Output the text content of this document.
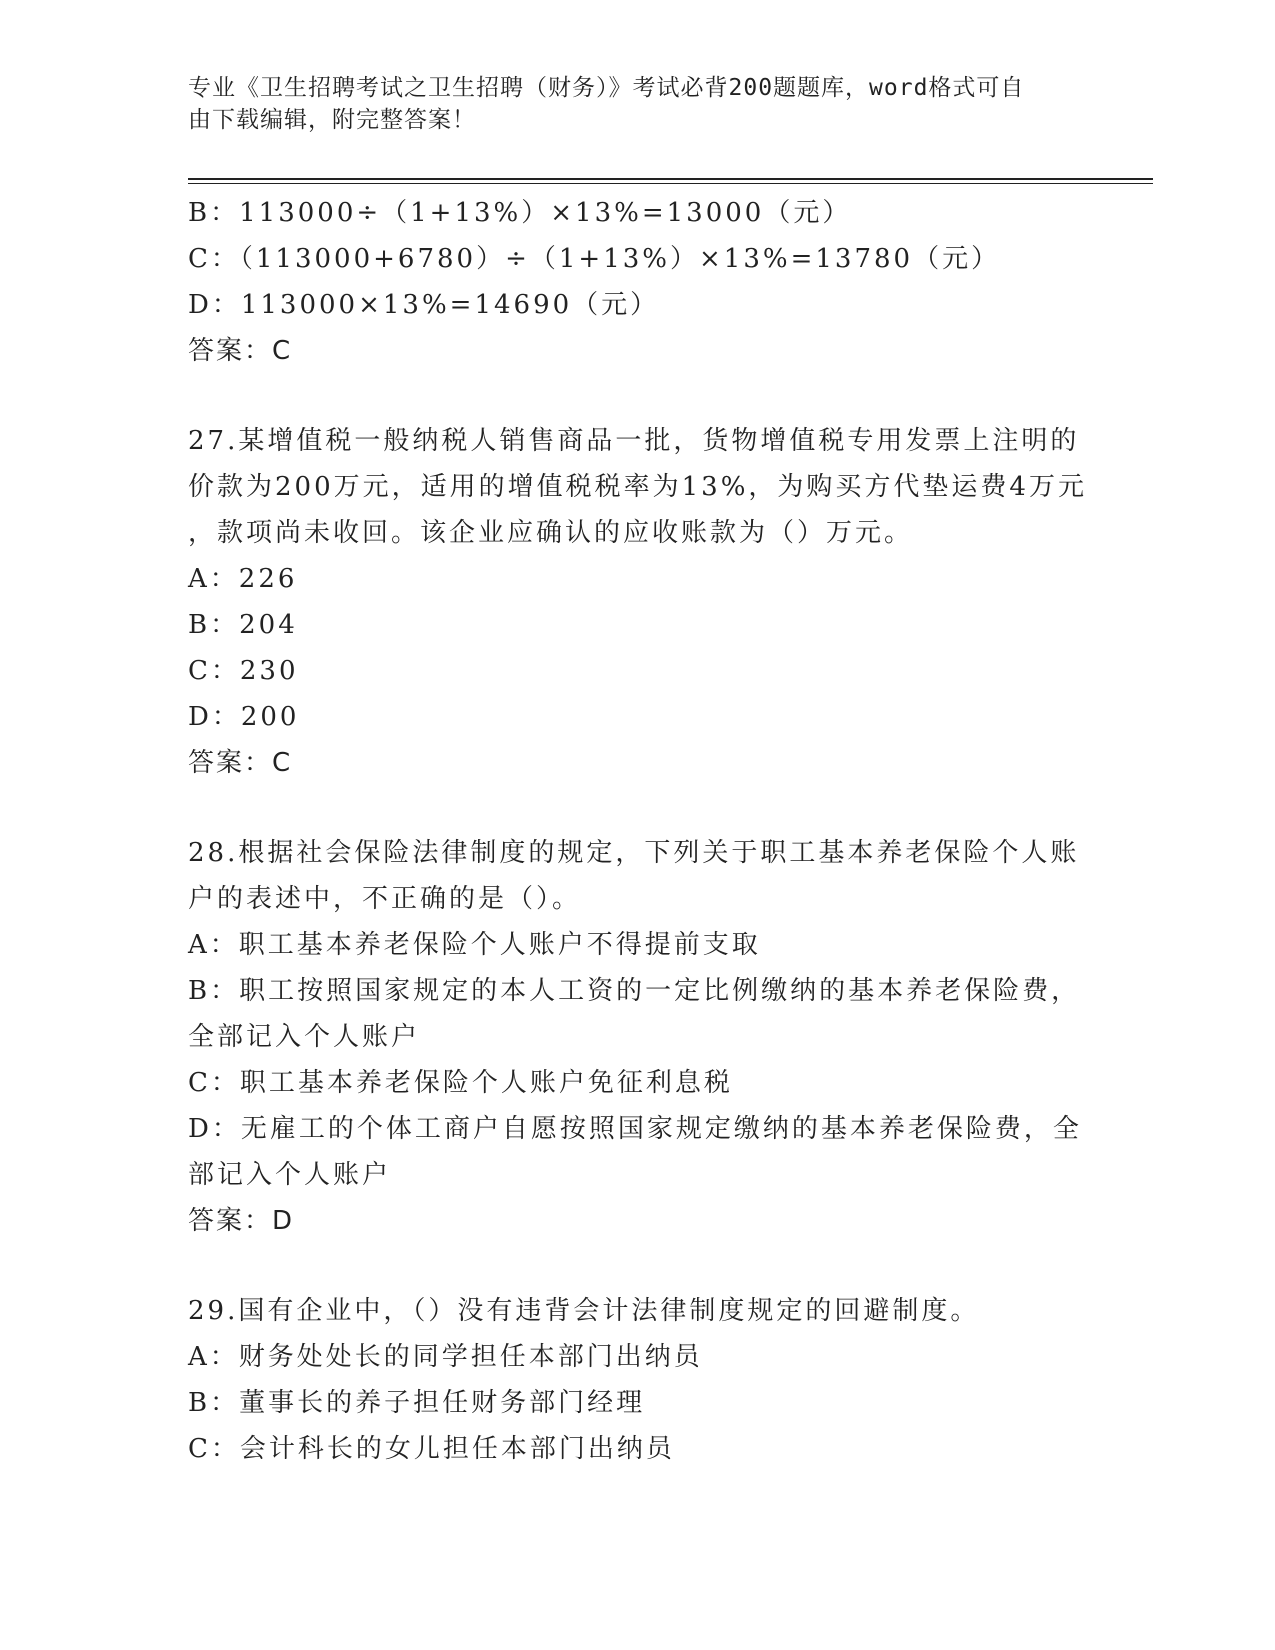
专业《卫生招聘考试之卫生招聘（财务）》考试必背200题题库，word格式可自
由下载编辑，附完整答案！
B：113000÷（1+13%）×13%=13000（元）
C：（113000+6780）÷（1+13%）×13%=13780（元）
D：113000×13%=14690（元）
答案：C
27.某增值税一般纳税人销售商品一批，货物增值税专用发票上注明的
价款为200万元，适用的增值税税率为13%，为购买方代垫运费4万元
，款项尚未收回。该企业应确认的应收账款为（）万元。
A：226
B：204
C：230
D：200
答案：C
28.根据社会保险法律制度的规定，下列关于职工基本养老保险个人账
户的表述中，不正确的是（）。
A：职工基本养老保险个人账户不得提前支取
B：职工按照国家规定的本人工资的一定比例缴纳的基本养老保险费，
全部记入个人账户
C：职工基本养老保险个人账户免征利息税
D：无雇工的个体工商户自愿按照国家规定缴纳的基本养老保险费，全
部记入个人账户
答案：D
29.国有企业中，（）没有违背会计法律制度规定的回避制度。
A：财务处处长的同学担任本部门出纳员
B：董事长的养子担任财务部门经理
C：会计科长的女儿担任本部门出纳员
